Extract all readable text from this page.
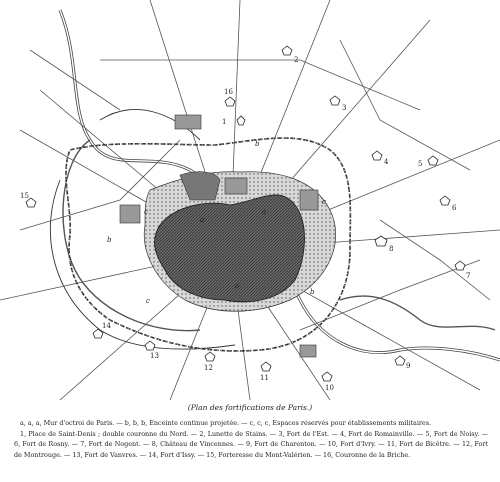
1
2
3
4	5
6
7
8
9
10
11
12
13
14
15
16
a
a
a
b
b
b
c
c
c
(Plan des fortifications de Paris.)

a, a, a, Mur d'octroi de Paris. — b, b, b, Enceinte continue projetée. — c, c, c, Espaces réservés pour établissements militaires.

1, Place de Saint-Denis ; double couronne du Nord. — 2, Lunette de Stains. — 3, Fort de l'Est. — 4, Fort de Romainville. — 5, Fort de Noisy. — 6, Fort de Rosny. — 7, Fort de Nogent. — 8, Château de Vincennes. — 9, Fort de Charenton. — 10, Fort d'Ivry. — 11, Fort de Bicêtre. — 12, Fort de Montrouge. — 13, Fort de Vanvres. — 14, Fort d'Issy. — 15, Forteresse du Mont-Valérien. — 16, Couronne de la Briche.
